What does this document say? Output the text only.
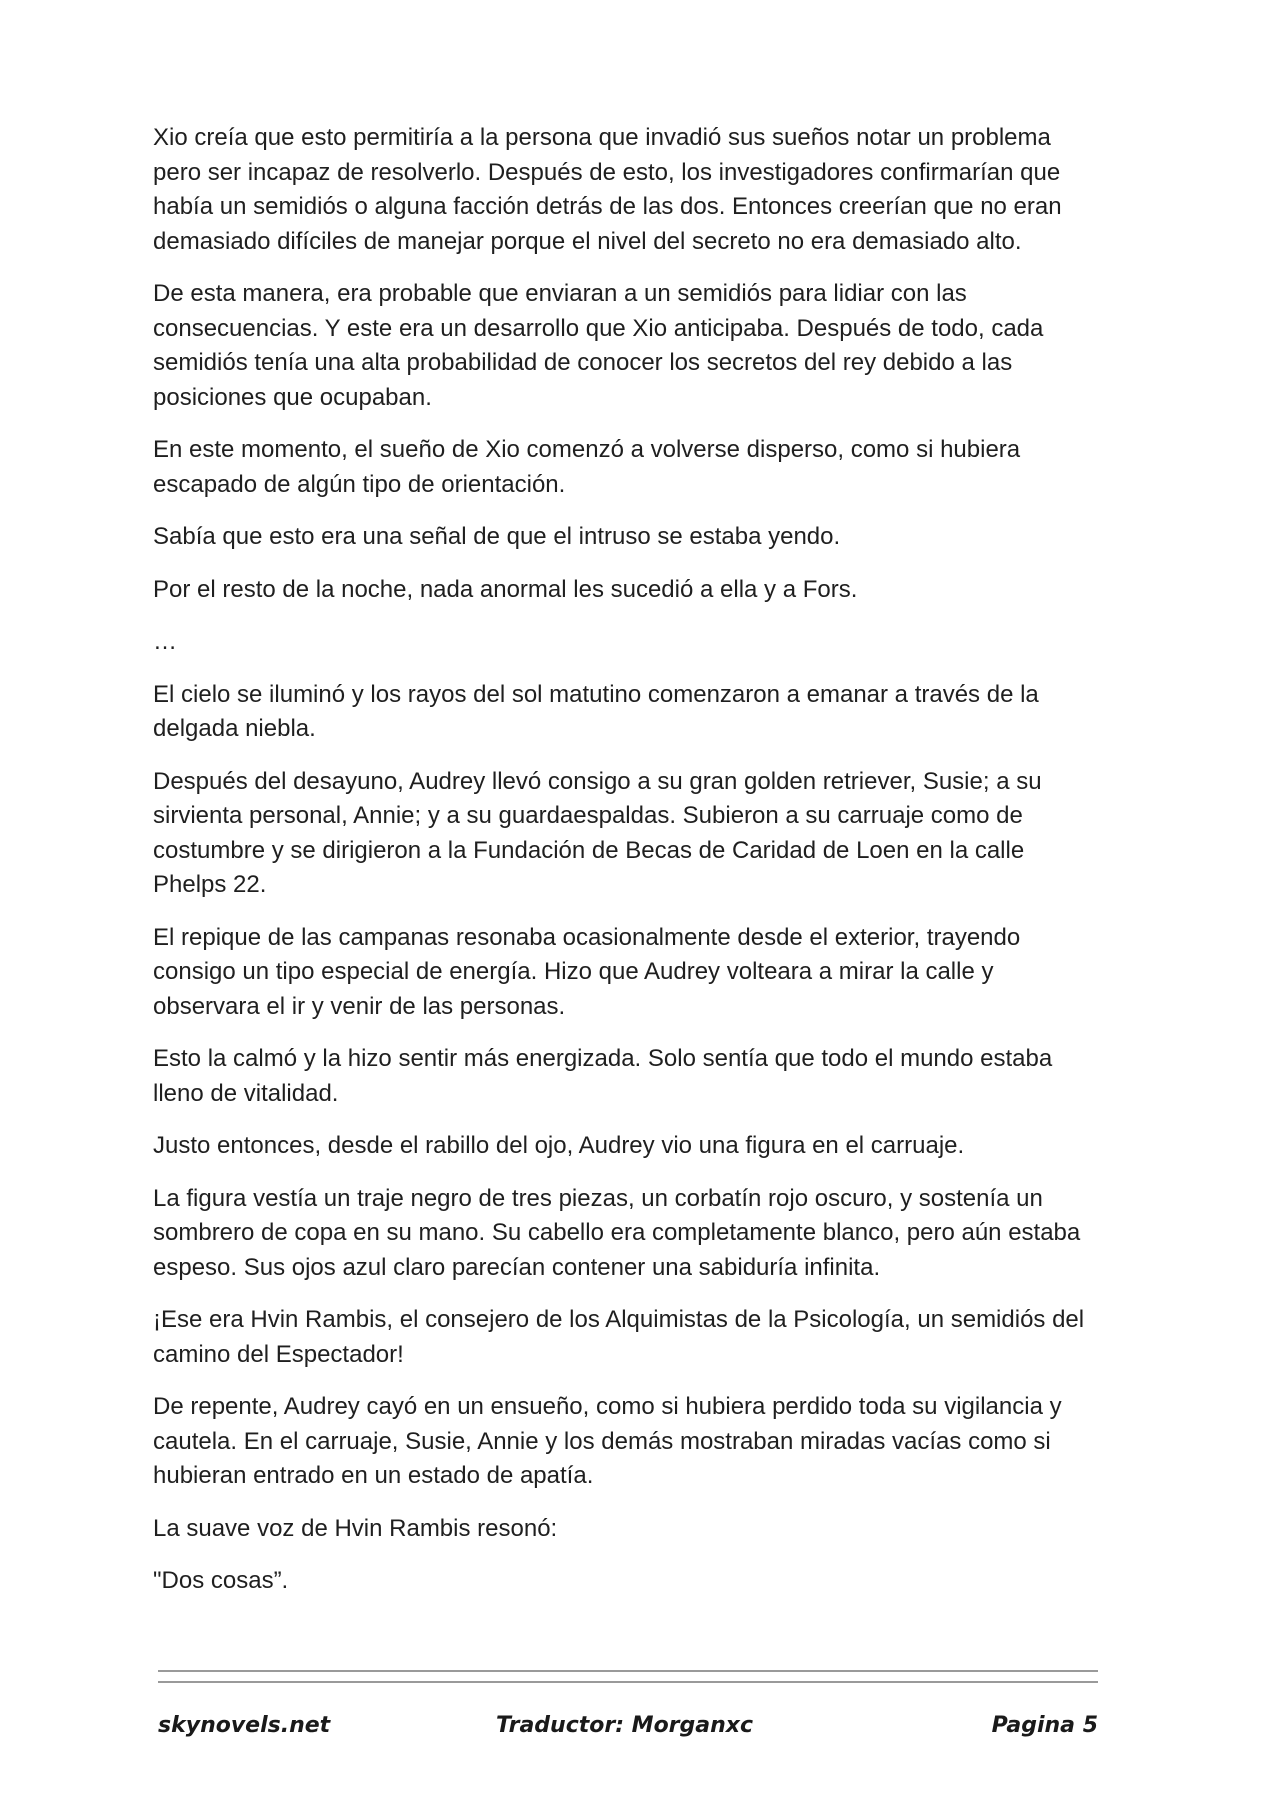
Xio creía que esto permitiría a la persona que invadió sus sueños notar un problema pero ser incapaz de resolverlo. Después de esto, los investigadores confirmarían que había un semidiós o alguna facción detrás de las dos. Entonces creerían que no eran demasiado difíciles de manejar porque el nivel del secreto no era demasiado alto.

De esta manera, era probable que enviaran a un semidiós para lidiar con las consecuencias. Y este era un desarrollo que Xio anticipaba. Después de todo, cada semidiós tenía una alta probabilidad de conocer los secretos del rey debido a las posiciones que ocupaban.

En este momento, el sueño de Xio comenzó a volverse disperso, como si hubiera escapado de algún tipo de orientación.

Sabía que esto era una señal de que el intruso se estaba yendo.

Por el resto de la noche, nada anormal les sucedió a ella y a Fors.

…

El cielo se iluminó y los rayos del sol matutino comenzaron a emanar a través de la delgada niebla.

Después del desayuno, Audrey llevó consigo a su gran golden retriever, Susie; a su sirvienta personal, Annie; y a su guardaespaldas. Subieron a su carruaje como de costumbre y se dirigieron a la Fundación de Becas de Caridad de Loen en la calle Phelps 22.

El repique de las campanas resonaba ocasionalmente desde el exterior, trayendo consigo un tipo especial de energía. Hizo que Audrey volteara a mirar la calle y observara el ir y venir de las personas.

Esto la calmó y la hizo sentir más energizada. Solo sentía que todo el mundo estaba lleno de vitalidad.

Justo entonces, desde el rabillo del ojo, Audrey vio una figura en el carruaje.

La figura vestía un traje negro de tres piezas, un corbatín rojo oscuro, y sostenía un sombrero de copa en su mano. Su cabello era completamente blanco, pero aún estaba espeso. Sus ojos azul claro parecían contener una sabiduría infinita.

¡Ese era Hvin Rambis, el consejero de los Alquimistas de la Psicología, un semidiós del camino del Espectador!

De repente, Audrey cayó en un ensueño, como si hubiera perdido toda su vigilancia y cautela. En el carruaje, Susie, Annie y los demás mostraban miradas vacías como si hubieran entrado en un estado de apatía.

La suave voz de Hvin Rambis resonó:

"Dos cosas”.

skynovels.net	Traductor: Morganxc	Pagina 5
